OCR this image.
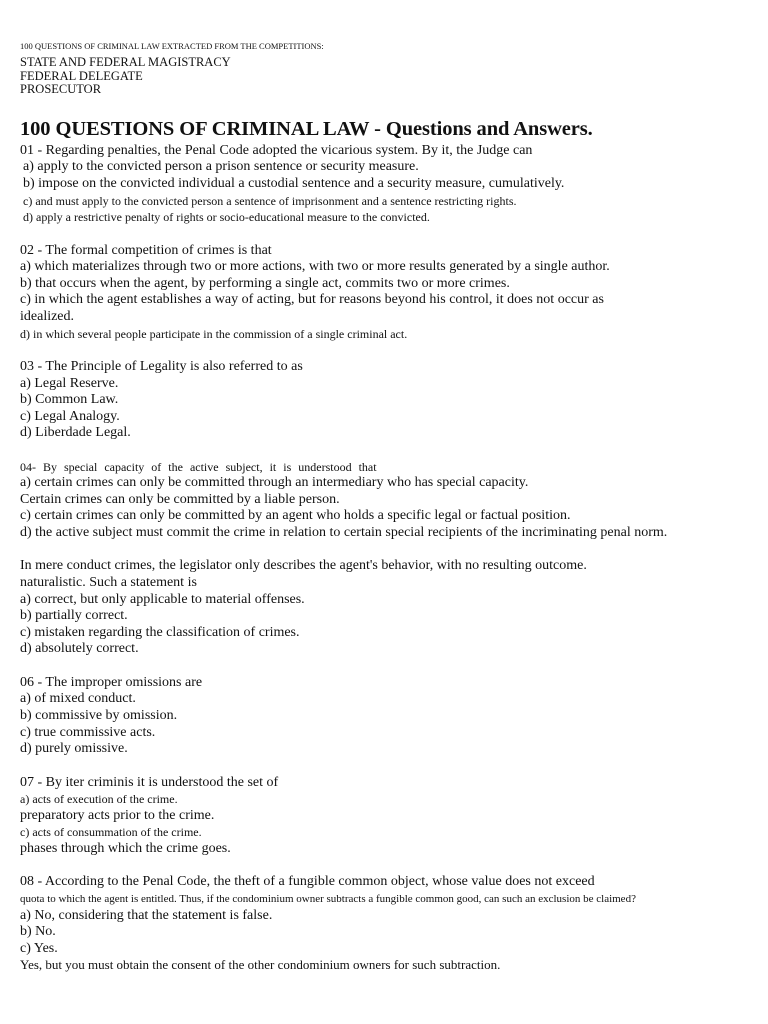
100 QUESTIONS OF CRIMINAL LAW EXTRACTED FROM THE COMPETITIONS:
STATE AND FEDERAL MAGISTRACY
FEDERAL DELEGATE
PROSECUTOR
100 QUESTIONS OF CRIMINAL LAW - Questions and Answers.
01 - Regarding penalties, the Penal Code adopted the vicarious system. By it, the Judge can
a) apply to the convicted person a prison sentence or security measure.
b) impose on the convicted individual a custodial sentence and a security measure, cumulatively.
c) and must apply to the convicted person a sentence of imprisonment and a sentence restricting rights.
d) apply a restrictive penalty of rights or socio-educational measure to the convicted.
02 - The formal competition of crimes is that
a) which materializes through two or more actions, with two or more results generated by a single author.
b) that occurs when the agent, by performing a single act, commits two or more crimes.
c) in which the agent establishes a way of acting, but for reasons beyond his control, it does not occur as
idealized.
d) in which several people participate in the commission of a single criminal act.
03 - The Principle of Legality is also referred to as
a) Legal Reserve.
b) Common Law.
c) Legal Analogy.
d) Liberdade Legal.
04- By special capacity of the active subject, it is understood that
a) certain crimes can only be committed through an intermediary who has special capacity.
Certain crimes can only be committed by a liable person.
c) certain crimes can only be committed by an agent who holds a specific legal or factual position.
d) the active subject must commit the crime in relation to certain special recipients of the incriminating penal norm.
In mere conduct crimes, the legislator only describes the agent's behavior, with no resulting outcome.
naturalistic. Such a statement is
a) correct, but only applicable to material offenses.
b) partially correct.
c) mistaken regarding the classification of crimes.
d) absolutely correct.
06 - The improper omissions are
a) of mixed conduct.
b) commissive by omission.
c) true commissive acts.
d) purely omissive.
07 - By iter criminis it is understood the set of
a) acts of execution of the crime.
preparatory acts prior to the crime.
c) acts of consummation of the crime.
phases through which the crime goes.
08 - According to the Penal Code, the theft of a fungible common object, whose value does not exceed
quota to which the agent is entitled. Thus, if the condominium owner subtracts a fungible common good, can such an exclusion be claimed?
a) No, considering that the statement is false.
b) No.
c) Yes.
Yes, but you must obtain the consent of the other condominium owners for such subtraction.
